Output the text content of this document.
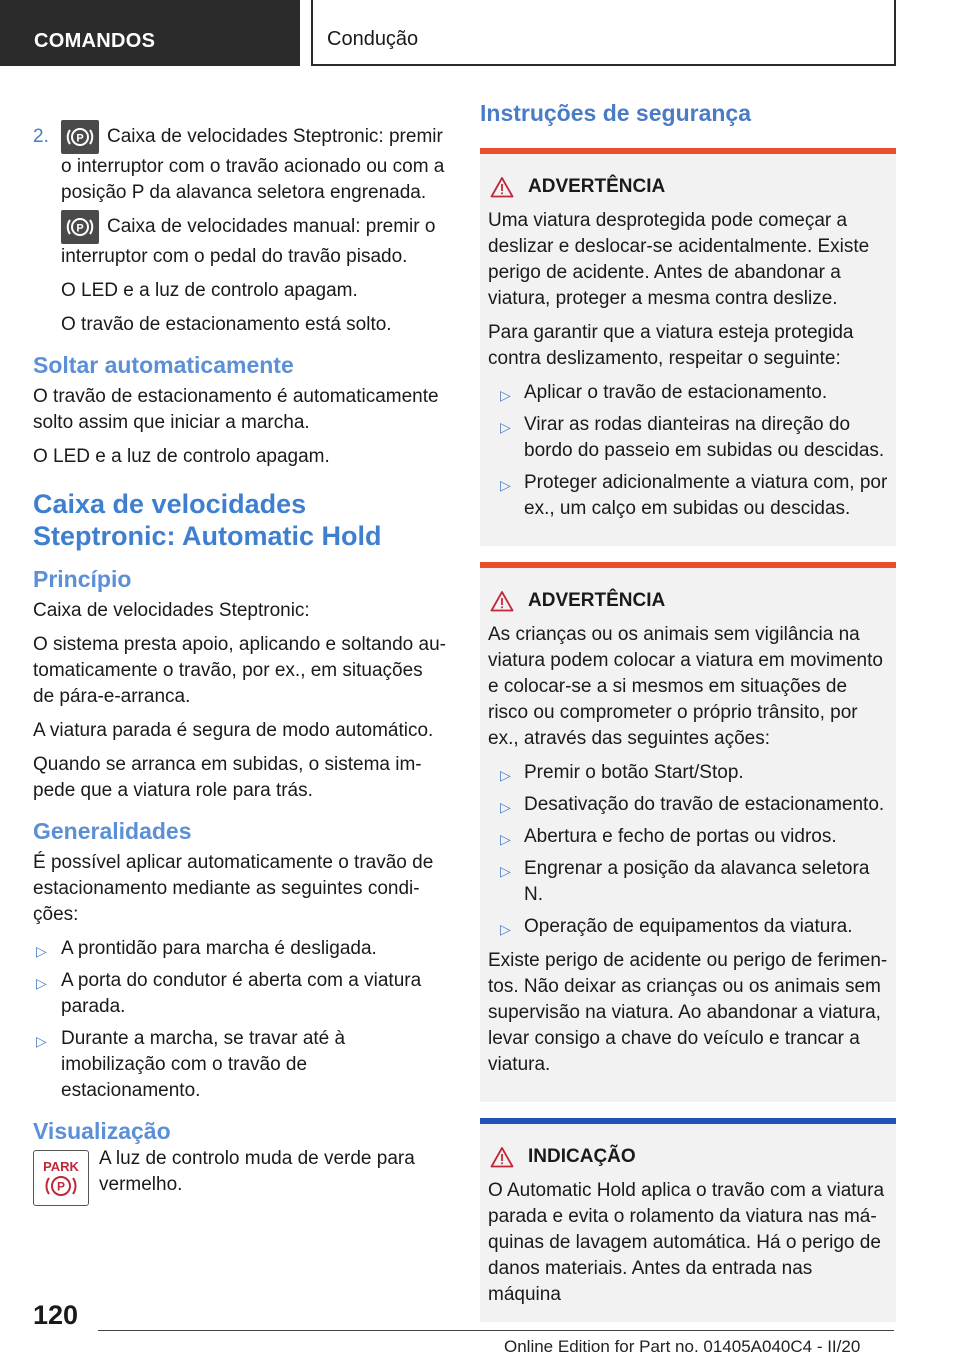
COMANDOS	Condução
2.	P Caixa de velocidades Steptronic: premir o interruptor com o travão acionado ou com a posição P da alavanca seletora engrenada.

P Caixa de velocidades manual: premir o interruptor com o pedal do travão pisado.

O LED e a luz de controlo apagam.

O travão de estacionamento está solto.

Soltar automaticamente

O travão de estacionamento é automaticamente solto assim que iniciar a marcha.

O LED e a luz de controlo apagam.

Caixa de velocidades Steptronic: Automatic Hold
Princípio

Caixa de velocidades Steptronic:

O sistema presta apoio, aplicando e soltando automaticamente o travão, por ex., em situações de pára-e-arranca.

A viatura parada é segura de modo automático.

Quando se arranca em subidas, o sistema impede que a viatura role para trás.

Generalidades

É possível aplicar automaticamente o travão de estacionamento mediante as seguintes condições:

▷ A prontidão para marcha é desligada.
▷ A porta do condutor é aberta com a viatura parada.
▷ Durante a marcha, se travar até à imobilização com o travão de estacionamento.
Visualização
PARK
P

A luz de controlo muda de verde para vermelho.

Instruções de segurança
ADVERTÊNCIA

Uma viatura desprotegida pode começar a deslizar e deslocar-se acidentalmente. Existe perigo de acidente. Antes de abandonar a viatura, proteger a mesma contra deslize.

Para garantir que a viatura esteja protegida contra deslizamento, respeitar o seguinte:

▷ Aplicar o travão de estacionamento.
▷ Virar as rodas dianteiras na direção do bordo do passeio em subidas ou descidas.
▷ Proteger adicionalmente a viatura com, por ex., um calço em subidas ou descidas.
ADVERTÊNCIA

As crianças ou os animais sem vigilância na viatura podem colocar a viatura em movimento e colocar-se a si mesmos em situações de risco ou comprometer o próprio trânsito, por ex., através das seguintes ações:

▷ Premir o botão Start/Stop.
▷ Desativação do travão de estacionamento.
▷ Abertura e fecho de portas ou vidros.
▷ Engrenar a posição da alavanca seletora N.
▷ Operação de equipamentos da viatura.

Existe perigo de acidente ou perigo de ferimentos. Não deixar as crianças ou os animais sem supervisão na viatura. Ao abandonar a viatura, levar consigo a chave do veículo e trancar a viatura.

INDICAÇÃO

O Automatic Hold aplica o travão com a viatura parada e evita o rolamento da viatura nas máquinas de lavagem automática. Há o perigo de danos materiais. Antes da entrada nas máquina

120
Online Edition for Part no. 01405A040C4 - II/20
